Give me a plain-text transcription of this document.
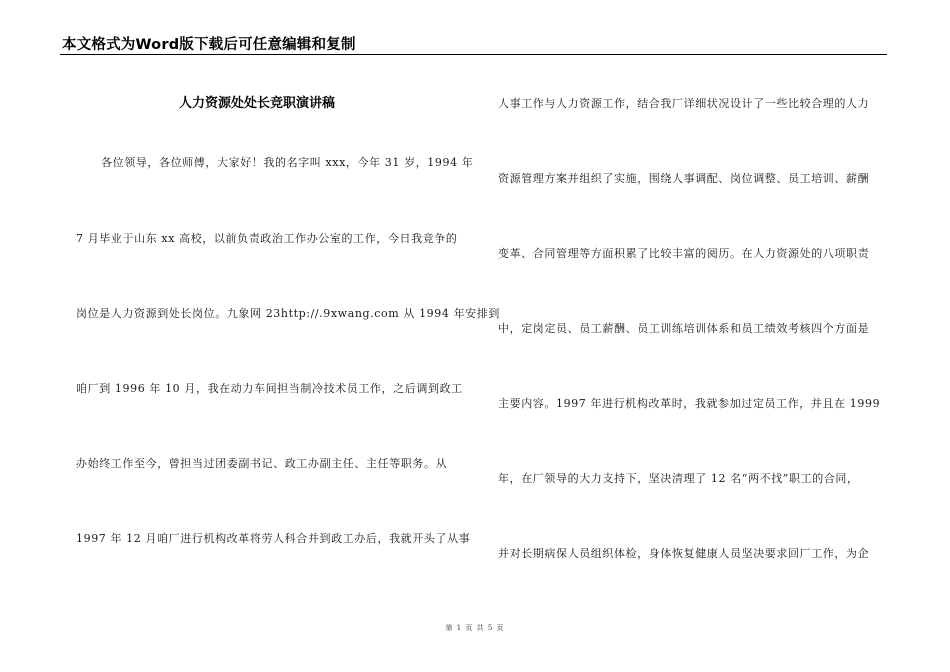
本文格式为Word版下载后可任意编辑和复制
人力资源处处长竞职演讲稿
各位领导，各位师傅，大家好！我的名字叫 xxx，今年 31 岁，1994 年
7 月毕业于山东 xx 高校，以前负责政治工作办公室的工作，今日我竞争的
岗位是人力资源到处长岗位。九象网 23http://.9xwang.com 从 1994 年安排到
咱厂到 1996 年 10 月，我在动力车间担当制冷技术员工作，之后调到政工
办始终工作至今，曾担当过团委副书记、政工办副主任、主任等职务。从
1997 年 12 月咱厂进行机构改革将劳人科合并到政工办后，我就开头了从事
人事工作与人力资源工作，结合我厂详细状况设计了一些比较合理的人力
资源管理方案并组织了实施，围绕人事调配、岗位调整、员工培训、薪酬
变革、合同管理等方面积累了比较丰富的阅历。在人力资源处的八项职责
中，定岗定员、员工薪酬、员工训练培训体系和员工绩效考核四个方面是
主要内容。1997 年进行机构改革时，我就参加过定员工作，并且在 1999
年，在厂领导的大力支持下，坚决清理了 12 名“两不找”职工的合同，
并对长期病保人员组织体检，身体恢复健康人员坚决要求回厂工作，为企
第 1 页 共 5 页
